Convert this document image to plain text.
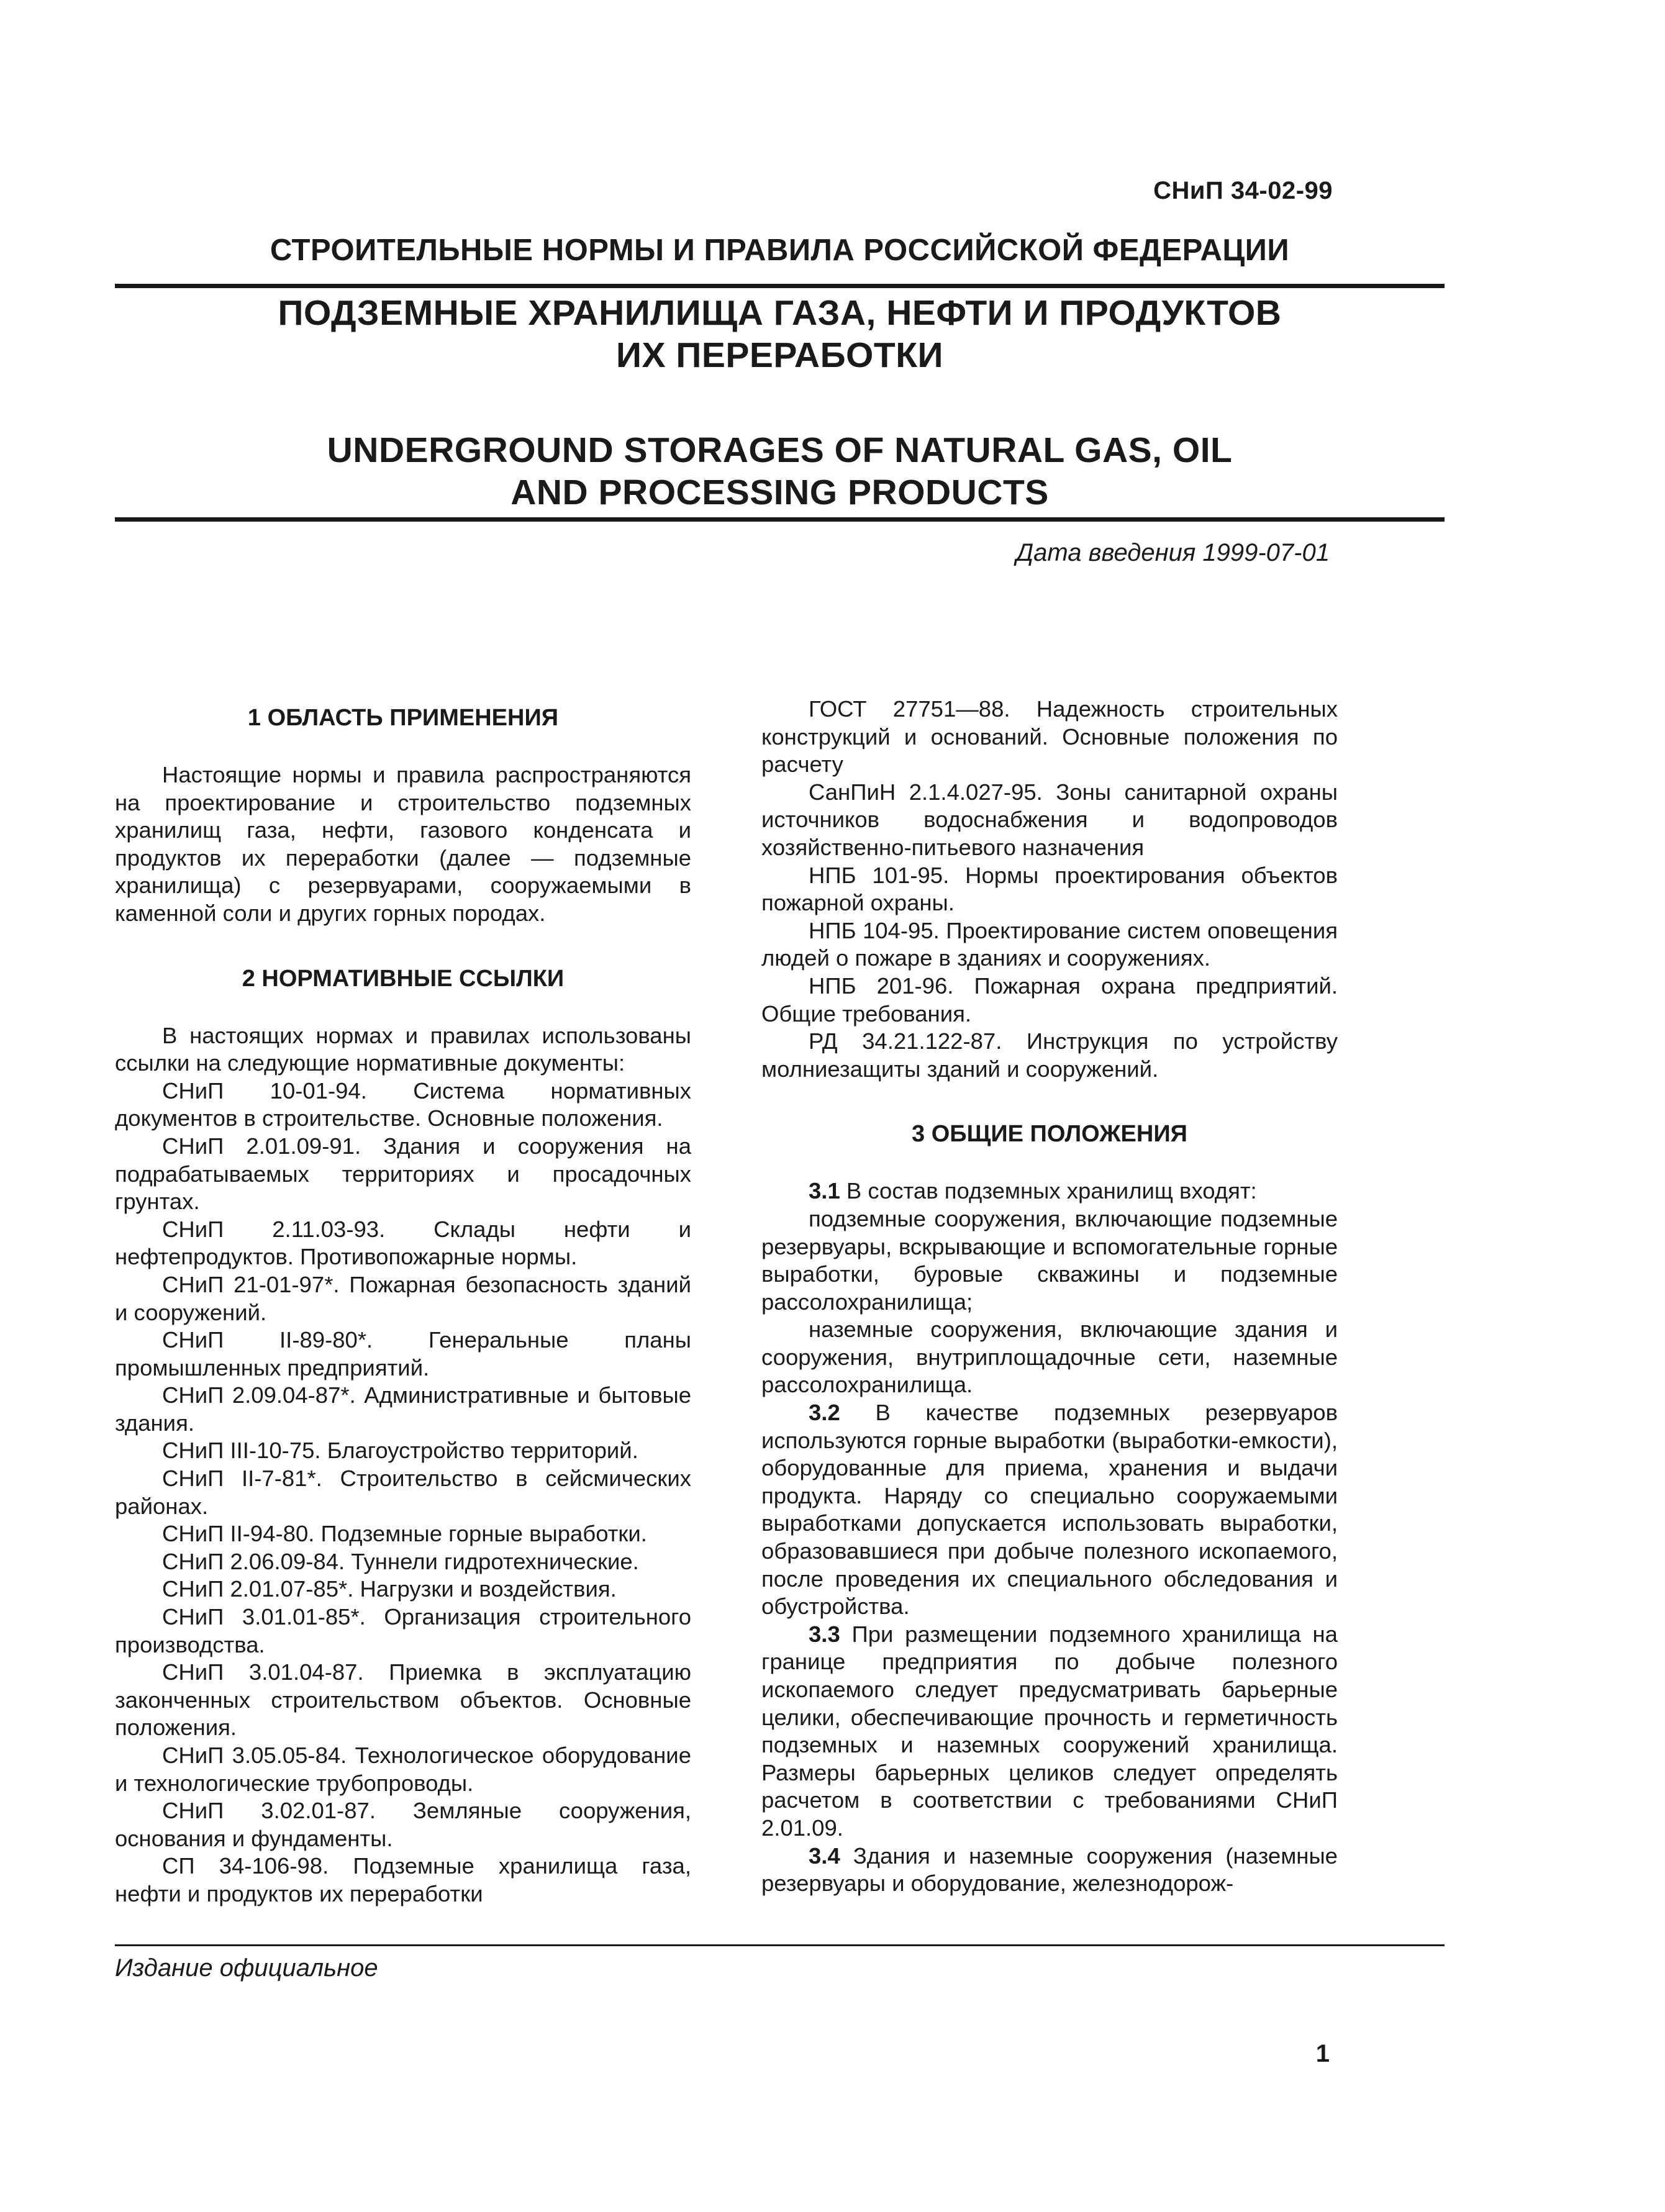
СНиП 34-02-99
СТРОИТЕЛЬНЫЕ НОРМЫ И ПРАВИЛА РОССИЙСКОЙ ФЕДЕРАЦИИ
ПОДЗЕМНЫЕ ХРАНИЛИЩА ГАЗА, НЕФТИ И ПРОДУКТОВ
ИХ ПЕРЕРАБОТКИ
UNDERGROUND STORAGES OF NATURAL GAS, OIL
AND PROCESSING PRODUCTS
Дата введения 1999-07-01
1 ОБЛАСТЬ ПРИМЕНЕНИЯ

Настоящие нормы и правила распространяются на проектирование и строительство подземных хранилищ газа, нефти, газового конденсата и продуктов их переработки (далее — подземные хранилища) с резервуарами, сооружаемыми в каменной соли и других горных породах.

2 НОРМАТИВНЫЕ ССЫЛКИ

В настоящих нормах и правилах использованы ссылки на следующие нормативные документы:

СНиП 10-01-94. Система нормативных документов в строительстве. Основные положения.

СНиП 2.01.09-91. Здания и сооружения на подрабатываемых территориях и просадочных грунтах.

СНиП 2.11.03-93. Склады нефти и нефтепродуктов. Противопожарные нормы.

СНиП 21-01-97*. Пожарная безопасность зданий и сооружений.

СНиП II-89-80*. Генеральные планы промышленных предприятий.

СНиП 2.09.04-87*. Административные и бытовые здания.

СНиП III-10-75. Благоустройство территорий.

СНиП II-7-81*. Строительство в сейсмических районах.

СНиП II-94-80. Подземные горные выработки.

СНиП 2.06.09-84. Туннели гидротехнические.

СНиП 2.01.07-85*. Нагрузки и воздействия.

СНиП 3.01.01-85*. Организация строительного производства.

СНиП 3.01.04-87. Приемка в эксплуатацию законченных строительством объектов. Основные положения.

СНиП 3.05.05-84. Технологическое оборудование и технологические трубопроводы.

СНиП 3.02.01-87. Земляные сооружения, основания и фундаменты.

СП 34-106-98. Подземные хранилища газа, нефти и продуктов их переработки

ГОСТ 27751—88. Надежность строительных конструкций и оснований. Основные положения по расчету

СанПиН 2.1.4.027-95. Зоны санитарной охраны источников водоснабжения и водопроводов хозяйственно-питьевого назначения

НПБ 101-95. Нормы проектирования объектов пожарной охраны.

НПБ 104-95. Проектирование систем оповещения людей о пожаре в зданиях и сооружениях.

НПБ 201-96. Пожарная охрана предприятий. Общие требования.

РД 34.21.122-87. Инструкция по устройству молниезащиты зданий и сооружений.

3 ОБЩИЕ ПОЛОЖЕНИЯ

3.1 В состав подземных хранилищ входят:

подземные сооружения, включающие подземные резервуары, вскрывающие и вспомогательные горные выработки, буровые скважины и подземные рассолохранилища;

наземные сооружения, включающие здания и сооружения, внутриплощадочные сети, наземные рассолохранилища.

3.2 В качестве подземных резервуаров используются горные выработки (выработки-емкости), оборудованные для приема, хранения и выдачи продукта. Наряду со специально сооружаемыми выработками допускается использовать выработки, образовавшиеся при добыче полезного ископаемого, после проведения их специального обследования и обустройства.

3.3 При размещении подземного хранилища на границе предприятия по добыче полезного ископаемого следует предусматривать барьерные целики, обеспечивающие прочность и герметичность подземных и наземных сооружений хранилища. Размеры барьерных целиков следует определять расчетом в соответствии с требованиями СНиП 2.01.09.

3.4 Здания и наземные сооружения (наземные резервуары и оборудование, железнодорож-

Издание официальное
1
